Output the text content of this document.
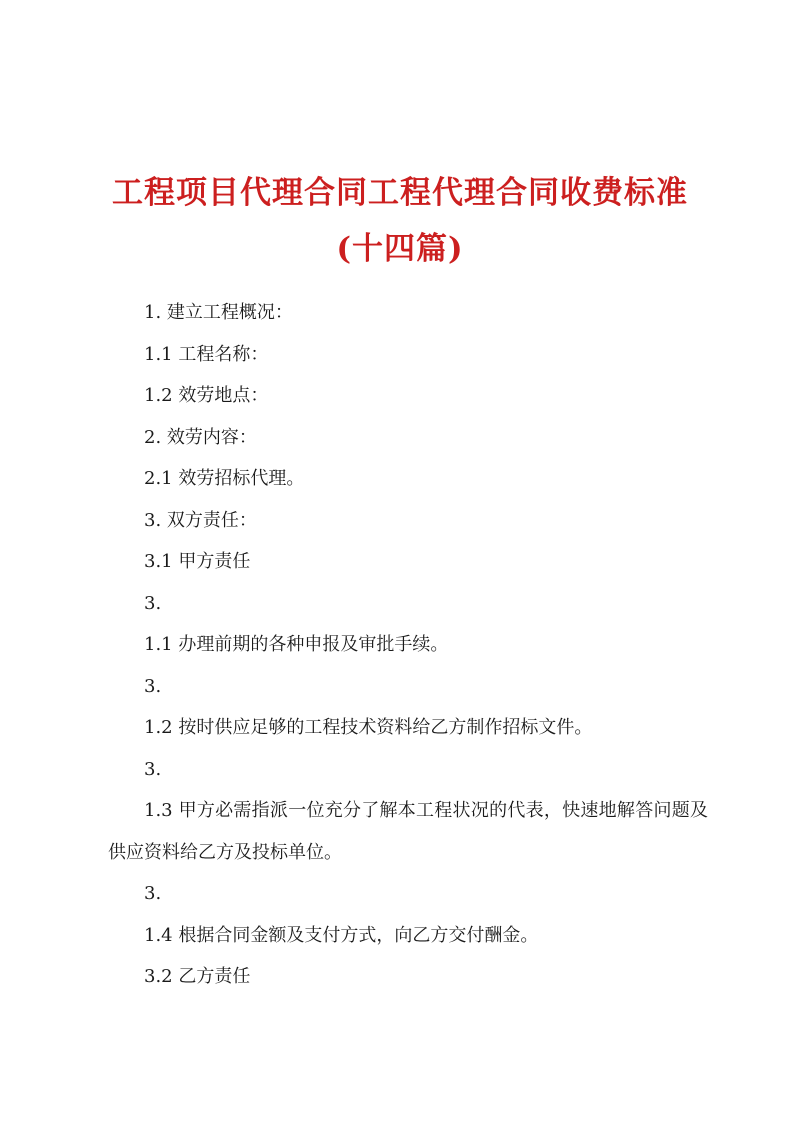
工程项目代理合同工程代理合同收费标准(十四篇)

1. 建立工程概况：

1.1 工程名称：

1.2 效劳地点：

2. 效劳内容：

2.1 效劳招标代理。

3. 双方责任：

3.1 甲方责任

3.

1.1 办理前期的各种申报及审批手续。

3.

1.2 按时供应足够的工程技术资料给乙方制作招标文件。

3.

1.3 甲方必需指派一位充分了解本工程状况的代表，快速地解答问题及供应资料给乙方及投标单位。

3.

1.4 根据合同金额及支付方式，向乙方交付酬金。

3.2 乙方责任
